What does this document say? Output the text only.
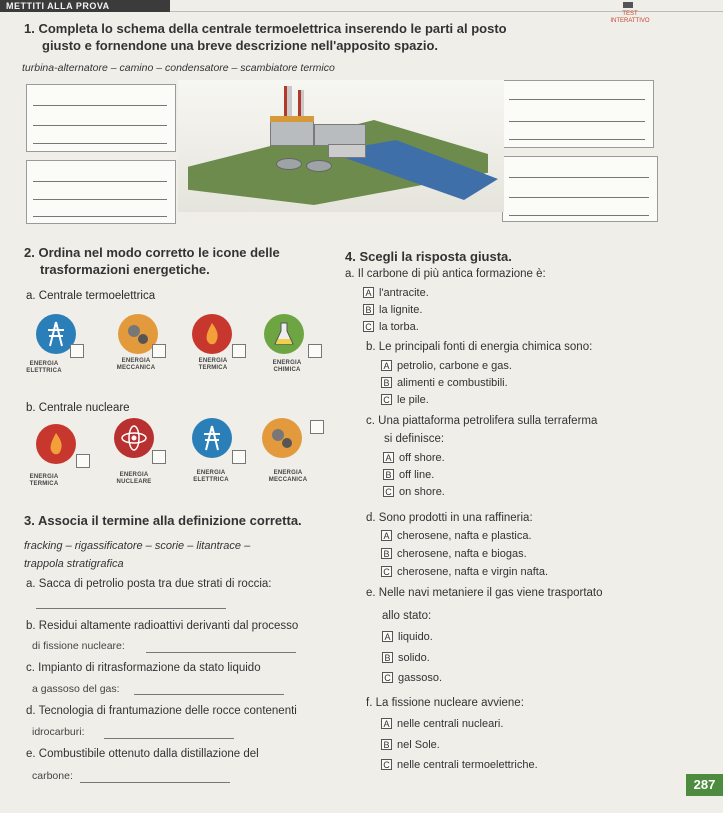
METTITI ALLA PROVA

TEST
INTERATTIVO
1. Completa lo schema della centrale termoelettrica inserendo le parti al posto
giusto e fornendone una breve descrizione nell'apposito spazio.
turbina-alternatore – camino – condensatore – scambiatore termico
2. Ordina nel modo corretto le icone delle
trasformazioni energetiche.
a. Centrale termoelettrica
ENERGIA
ELETTRICA
ENERGIA
MECCANICA
ENERGIA
TERMICA
ENERGIA
CHIMICA
b. Centrale nucleare
ENERGIA
TERMICA
ENERGIA
NUCLEARE
ENERGIA
ELETTRICA
ENERGIA
MECCANICA
3. Associa il termine alla definizione corretta.
fracking – rigassificatore – scorie – litantrace –
trappola stratigrafica
a. Sacca di petrolio posta tra due strati di roccia:
b. Residui altamente radioattivi derivanti dal processo
di fissione nucleare:
c. Impianto di ritrasformazione da stato liquido
a gassoso del gas:
d. Tecnologia di frantumazione delle rocce contenenti
idrocarburi:
e. Combustibile ottenuto dalla distillazione del
carbone:
4. Scegli la risposta giusta.
a. Il carbone di più antica formazione è:
A l'antracite.
B la lignite.
C la torba.
b. Le principali fonti di energia chimica sono:
A petrolio, carbone e gas.
B alimenti e combustibili.
C le pile.
c. Una piattaforma petrolifera sulla terraferma
si definisce:
A off shore.
B off line.
C on shore.
d. Sono prodotti in una raffineria:
A cherosene, nafta e plastica.
B cherosene, nafta e biogas.
C cherosene, nafta e virgin nafta.
e. Nelle navi metaniere il gas viene trasportato
allo stato:
A liquido.
B solido.
C gassoso.
f. La fissione nucleare avviene:
A nelle centrali nucleari.
B nel Sole.
C nelle centrali termoelettriche.
287
